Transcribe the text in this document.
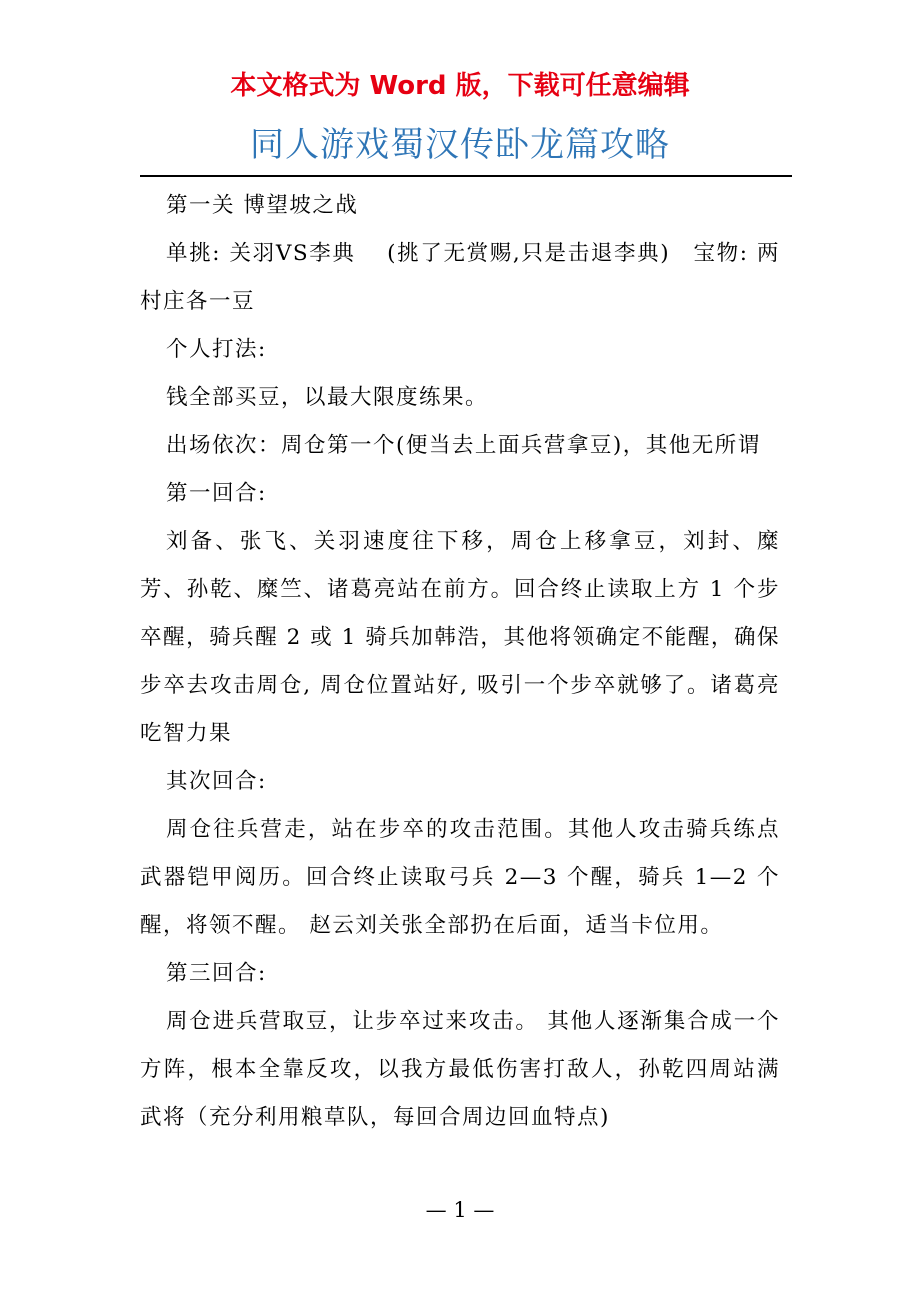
本文格式为 Word 版，下载可任意编辑

同人游戏蜀汉传卧龙篇攻略

第一关 博望坡之战

单挑: 关羽VS李典　 (挑了无赏赐,只是击退李典)　宝物: 两村庄各一豆

个人打法:

钱全部买豆，以最大限度练果。

出场依次：周仓第一个(便当去上面兵营拿豆)，其他无所谓

第一回合:

刘备、张飞、关羽速度往下移，周仓上移拿豆，刘封、糜芳、孙乾、糜竺、诸葛亮站在前方。回合终止读取上方 1 个步卒醒，骑兵醒 2 或 1 骑兵加韩浩，其他将领确定不能醒，确保步卒去攻击周仓, 周仓位置站好, 吸引一个步卒就够了。诸葛亮吃智力果

其次回合:

周仓往兵营走，站在步卒的攻击范围。其他人攻击骑兵练点武器铠甲阅历。回合终止读取弓兵 2—3 个醒，骑兵 1—2 个醒，将领不醒。 赵云刘关张全部扔在后面，适当卡位用。

第三回合:

周仓进兵营取豆，让步卒过来攻击。 其他人逐渐集合成一个方阵，根本全靠反攻，以我方最低伤害打敌人，孙乾四周站满武将（充分利用粮草队，每回合周边回血特点)

— 1 —
